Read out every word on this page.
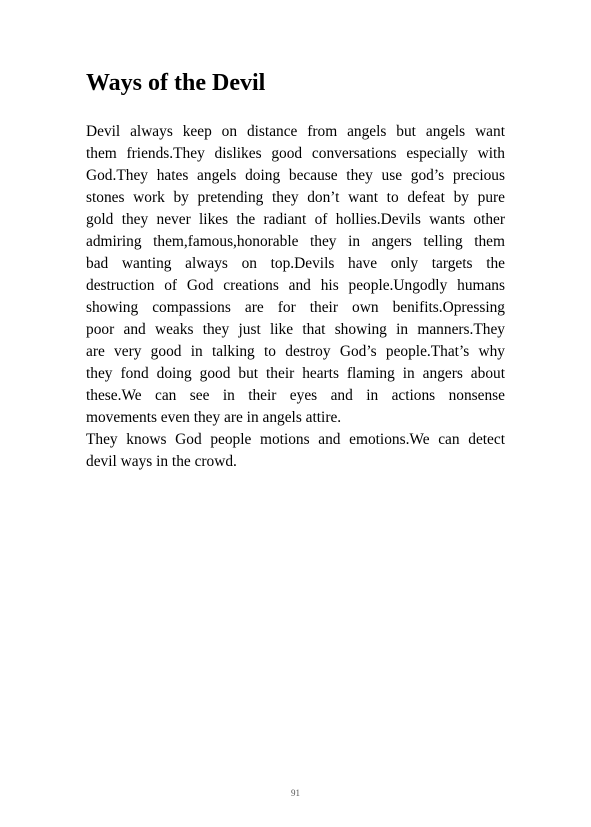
Ways of the Devil
Devil always keep on distance from angels but angels want
them friends.They dislikes good conversations especially with
God.They hates angels doing because they use god’s precious
stones work by pretending they don’t want to defeat by pure
gold they never likes the radiant of hollies.Devils wants other
admiring them,famous,honorable they in angers telling them
bad wanting always on top.Devils have only targets the
destruction of God creations and his people.Ungodly humans
showing compassions are for their own benifits.Opressing
poor and weaks they just like that showing in manners.They
are very good in talking to destroy God’s people.That’s why
they fond doing good but their hearts flaming in angers about
these.We can see in their eyes and in actions nonsense
movements even they are in angels attire.
They knows God people motions and emotions.We can detect
devil ways in the crowd.
91
